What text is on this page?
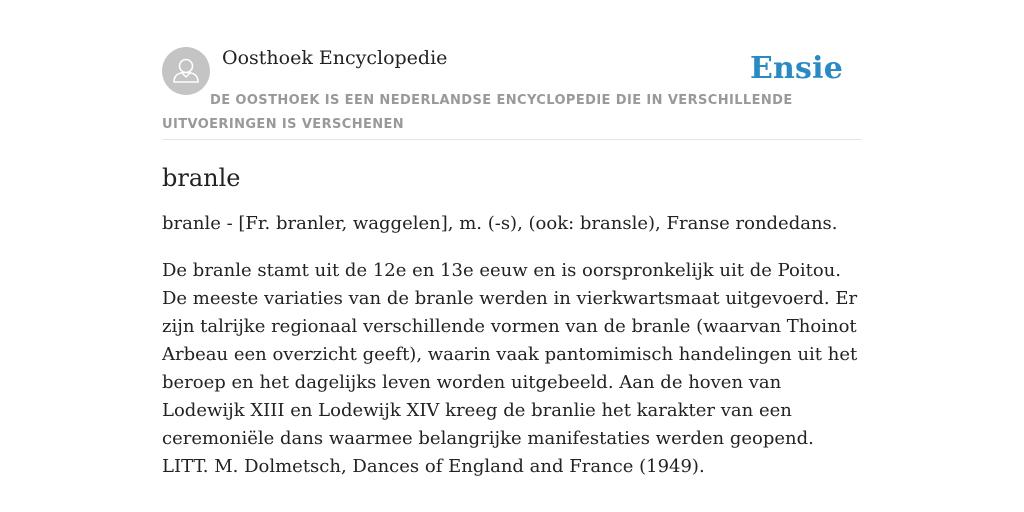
Oosthoek Encyclopedie	Ensie
DE OOSTHOEK IS EEN NEDERLANDSE ENCYCLOPEDIE DIE IN VERSCHILLENDE UITVOERINGEN IS VERSCHENEN
branle

branle - [Fr. branler, waggelen], m. (-s), (ook: bransle), Franse rondedans.

De branle stamt uit de 12e en 13e eeuw en is oorspronkelijk uit de Poitou. De meeste variaties van de branle werden in vierkwartsmaat uitgevoerd. Er zijn talrijke regionaal verschillende vormen van de branle (waarvan Thoinot Arbeau een overzicht geeft), waarin vaak pantomimisch handelingen uit het beroep en het dagelijks leven worden uitgebeeld. Aan de hoven van Lodewijk XIII en Lodewijk XIV kreeg de branlie het karakter van een ceremoniële dans waarmee belangrijke manifestaties werden geopend.

LITT. M. Dolmetsch, Dances of England and France (1949).
